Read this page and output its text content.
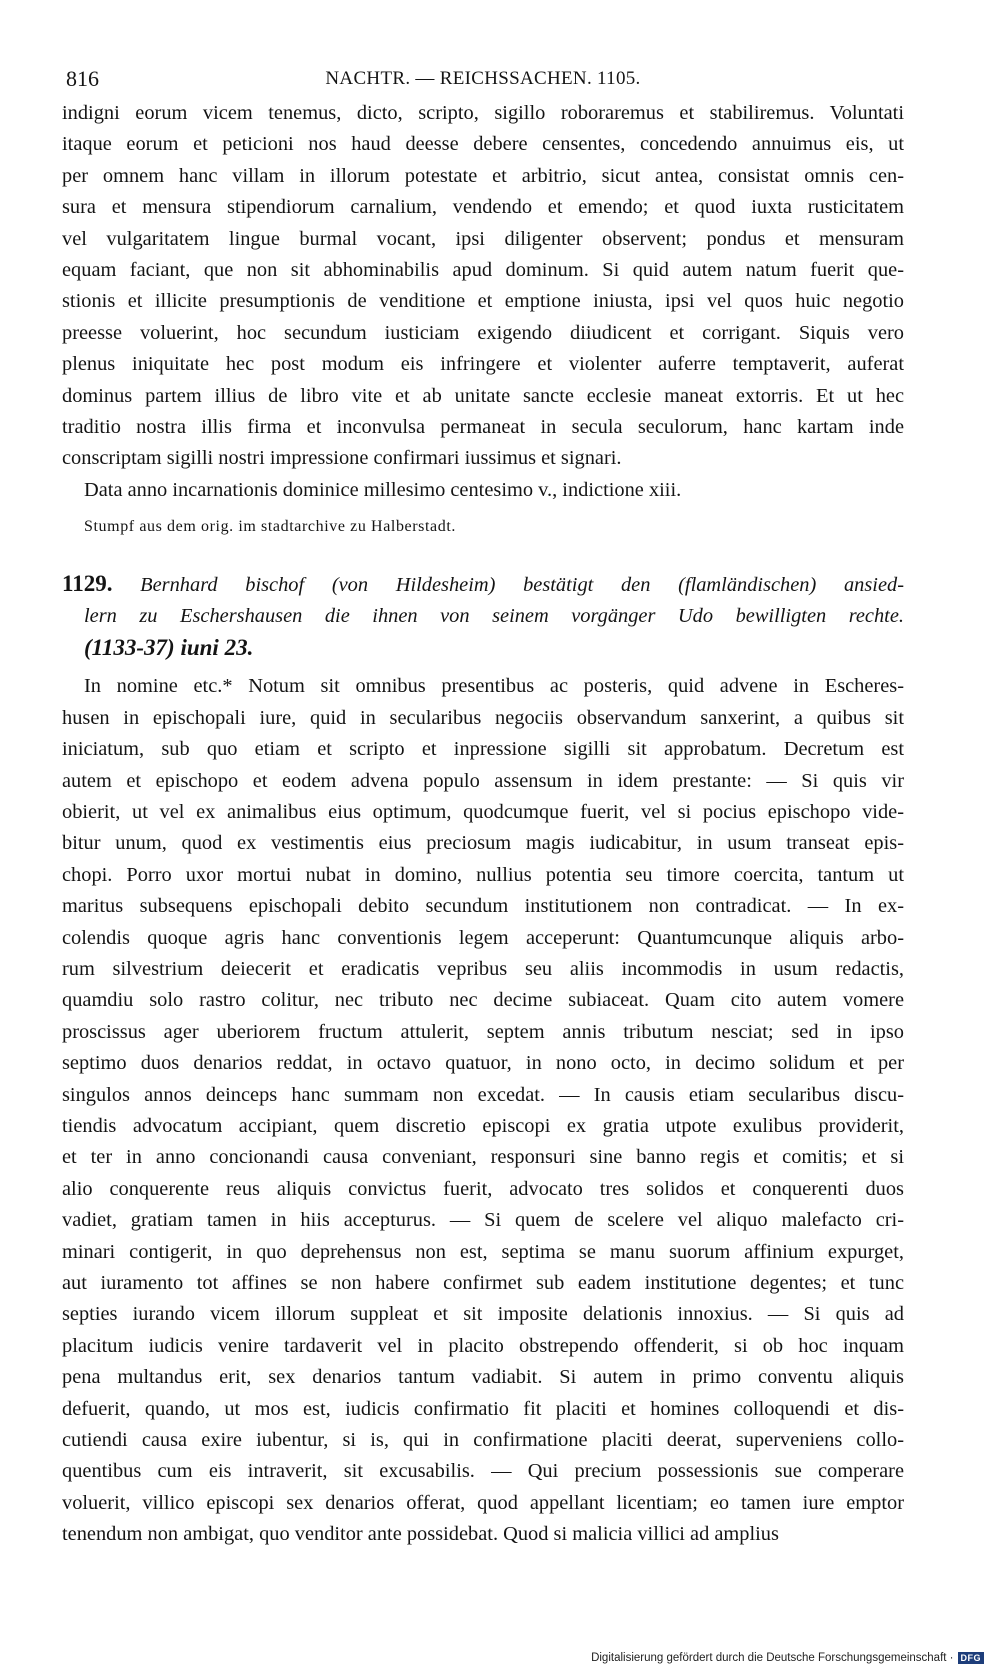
816	NACHTR. — REICHSSACHEN. 1105.
indigni eorum vicem tenemus, dicto, scripto, sigillo roboraremus et stabiliremus. Voluntati
itaque eorum et peticioni nos haud deesse debere censentes, concedendo annuimus eis, ut
per omnem hanc villam in illorum potestate et arbitrio, sicut antea, consistat omnis cen-
sura et mensura stipendiorum carnalium, vendendo et emendo; et quod iuxta rusticitatem
vel vulgaritatem lingue burmal vocant, ipsi diligenter observent; pondus et mensuram
equam faciant, que non sit abhominabilis apud dominum. Si quid autem natum fuerit que-
stionis et illicite presumptionis de venditione et emptione iniusta, ipsi vel quos huic negotio
preesse voluerint, hoc secundum iusticiam exigendo diiudicent et corrigant. Siquis vero
plenus iniquitate hec post modum eis infringere et violenter auferre temptaverit, auferat
dominus partem illius de libro vite et ab unitate sancte ecclesie maneat extorris. Et ut hec
traditio nostra illis firma et inconvulsa permaneat in secula seculorum, hanc kartam inde
conscriptam sigilli nostri impressione confirmari iussimus et signari.
Data anno incarnationis dominice millesimo centesimo v., indictione xiii.
Stumpf aus dem orig. im stadtarchive zu Halberstadt.
1129. Bernhard bischof (von Hildesheim) bestätigt den (flamländischen) ansied-
lern zu Eschershausen die ihnen von seinem vorgänger Udo bewilligten rechte.
(1133-37) iuni 23.
In nomine etc.* Notum sit omnibus presentibus ac posteris, quid advene in Escheres-
husen in epischopali iure, quid in secularibus negociis observandum sanxerint, a quibus sit
iniciatum, sub quo etiam et scripto et inpressione sigilli sit approbatum. Decretum est
autem et epischopo et eodem advena populo assensum in idem prestante: — Si quis vir
obierit, ut vel ex animalibus eius optimum, quodcumque fuerit, vel si pocius epischopo vide-
bitur unum, quod ex vestimentis eius preciosum magis iudicabitur, in usum transeat epis-
chopi. Porro uxor mortui nubat in domino, nullius potentia seu timore coercita, tantum ut
maritus subsequens epischopali debito secundum institutionem non contradicat. — In ex-
colendis quoque agris hanc conventionis legem acceperunt: Quantumcunque aliquis arbo-
rum silvestrium deiecerit et eradicatis vepribus seu aliis incommodis in usum redactis,
quamdiu solo rastro colitur, nec tributo nec decime subiaceat. Quam cito autem vomere
proscissus ager uberiorem fructum attulerit, septem annis tributum nesciat; sed in ipso
septimo duos denarios reddat, in octavo quatuor, in nono octo, in decimo solidum et per
singulos annos deinceps hanc summam non excedat. — In causis etiam secularibus discu-
tiendis advocatum accipiant, quem discretio episcopi ex gratia utpote exulibus providerit,
et ter in anno concionandi causa conveniant, responsuri sine banno regis et comitis; et si
alio conquerente reus aliquis convictus fuerit, advocato tres solidos et conquerenti duos
vadiet, gratiam tamen in hiis accepturus. — Si quem de scelere vel aliquo malefacto cri-
minari contigerit, in quo deprehensus non est, septima se manu suorum affinium expurget,
aut iuramento tot affines se non habere confirmet sub eadem institutione degentes; et tunc
septies iurando vicem illorum suppleat et sit imposite delationis innoxius. — Si quis ad
placitum iudicis venire tardaverit vel in placito obstrependo offenderit, si ob hoc inquam
pena multandus erit, sex denarios tantum vadiabit. Si autem in primo conventu aliquis
defuerit, quando, ut mos est, iudicis confirmatio fit placiti et homines colloquendi et dis-
cutiendi causa exire iubentur, si is, qui in confirmatione placiti deerat, superveniens collo-
quentibus cum eis intraverit, sit excusabilis. — Qui precium possessionis sue comperare
voluerit, villico episcopi sex denarios offerat, quod appellant licentiam; eo tamen iure emptor
tenendum non ambigat, quo venditor ante possidebat. Quod si malicia villici ad amplius
Digitalisierung gefördert durch die Deutsche Forschungsgemeinschaft · DFG
